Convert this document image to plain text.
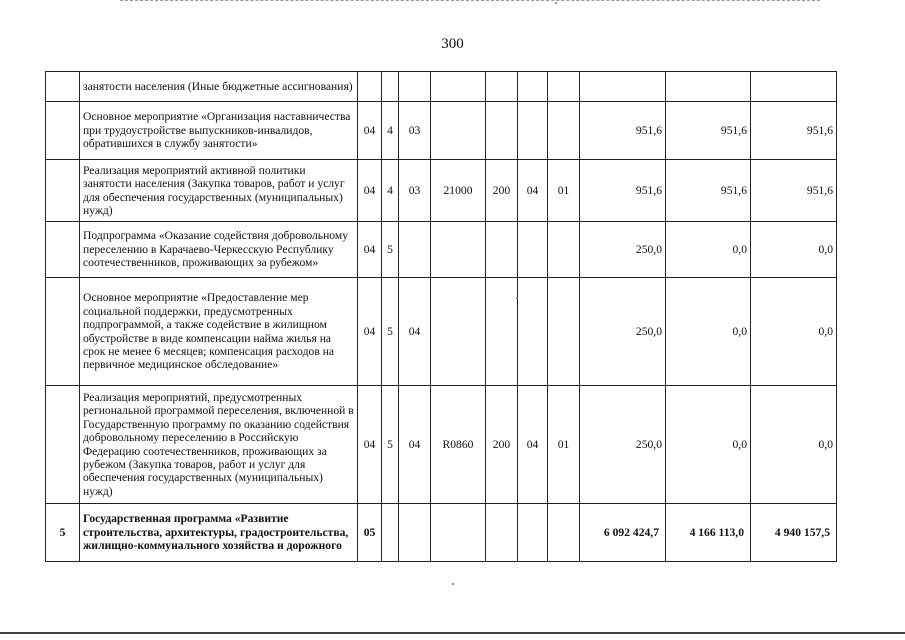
300
	занятости населения (Иные бюджетные ассигнования)										
	Основное мероприятие «Организация наставничества при трудоустройстве выпускников-инвалидов, обратившихся в службу занятости»	04	4	03					951,6	951,6	951,6
	Реализация мероприятий активной политики занятости населения (Закупка товаров, работ и услуг для обеспечения государственных (муниципальных) нужд)	04	4	03	21000	200	04	01	951,6	951,6	951,6
	Подпрограмма «Оказание содействия добровольному переселению в Карачаево-Черкесскую Республику соотечественников, проживающих за рубежом»	04	5						250,0	0,0	0,0
	Основное мероприятие «Предоставление мер социальной поддержки, предусмотренных подпрограммой, а также содействие в жилищном обустройстве в виде компенсации найма жилья на срок не менее 6 месяцев; компенсация расходов на первичное медицинское обследование»	04	5	04					250,0	0,0	0,0
	Реализация мероприятий, предусмотренных региональной программой переселения, включенной в Государственную программу по оказанию содействия добровольному переселению в Российскую Федерацию соотечественников, проживающих за рубежом (Закупка товаров, работ и услуг для обеспечения государственных (муниципальных) нужд)	04	5	04	R0860	200	04	01	250,0	0,0	0,0
5	Государственная программа «Развитие строительства, архитектуры, градостроительства, жилищно-коммунального хозяйства и дорожного	05							6 092 424,7	4 166 113,0	4 940 157,5
